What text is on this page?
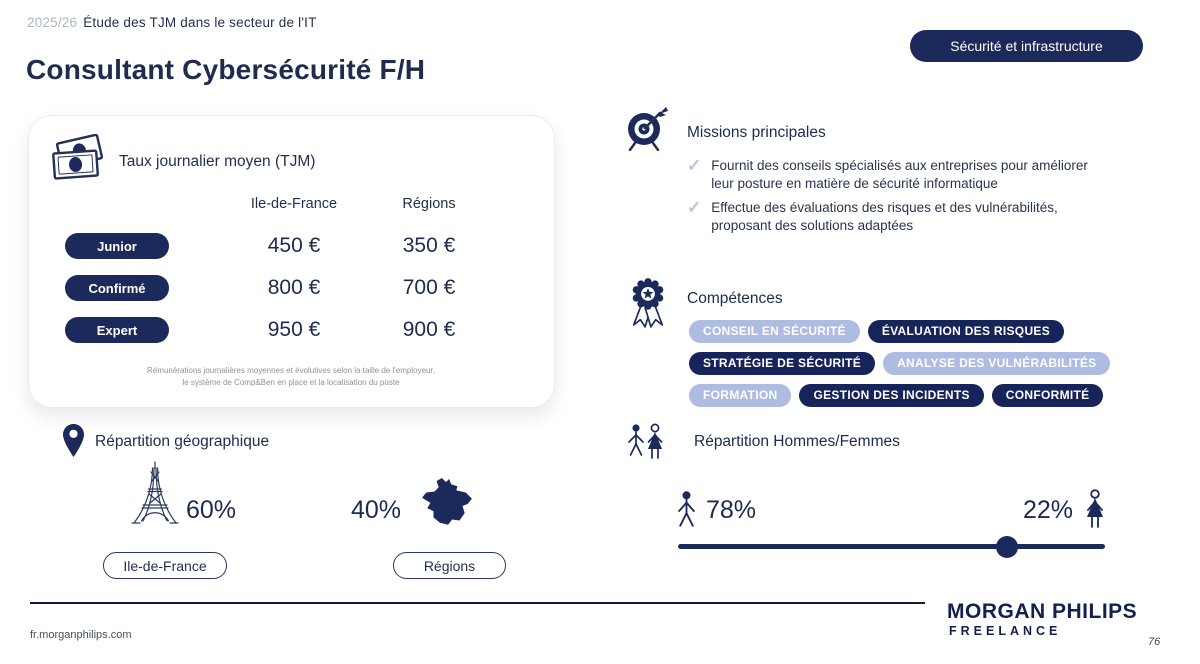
2025/26 Étude des TJM dans le secteur de l'IT
Sécurité et infrastructure
Consultant Cybersécurité F/H
Taux journalier moyen (TJM)
Ile-de-France	Régions
Junior	450 €	350 €
Confirmé	800 €	700 €
Expert	950 €	900 €
Rémunérations journalières moyennes et évolutives selon la taille de l'employeur,
le système de Comp&Ben en place et la localisation du poste
Missions principales
✓ Fournit des conseils spécialisés aux entreprises pour améliorer leur posture en matière de sécurité informatique
✓ Effectue des évaluations des risques et des vulnérabilités, proposant des solutions adaptées
Compétences
CONSEIL EN SÉCURITÉ	ÉVALUATION DES RISQUES
STRATÉGIE DE SÉCURITÉ	ANALYSE DES VULNÉRABILITÉS
FORMATION	GESTION DES INCIDENTS	CONFORMITÉ
Répartition géographique
60%
Ile-de-France
40%
Régions
Répartition Hommes/Femmes
78%	22%
fr.morganphilips.com
MORGAN PHILIPS
FREELANCE
76
